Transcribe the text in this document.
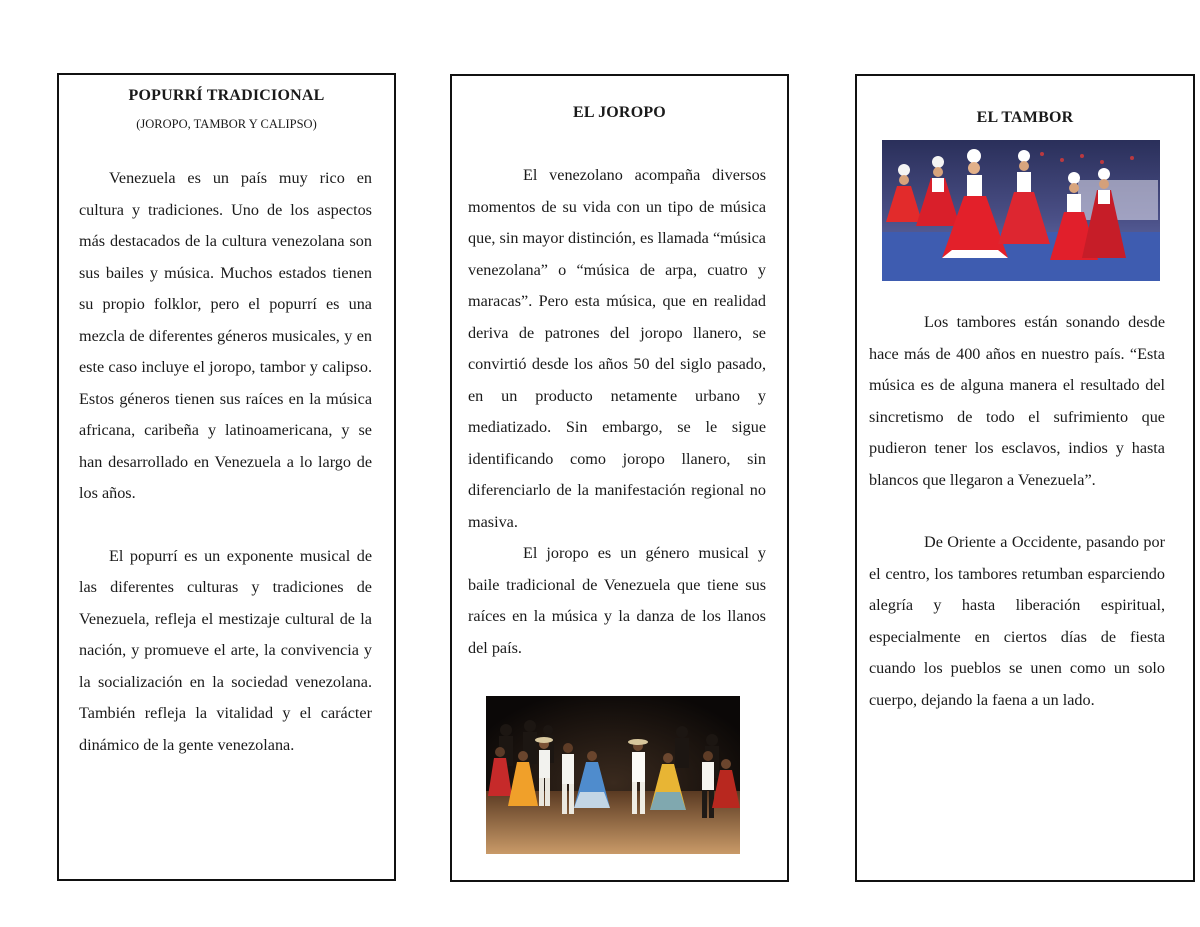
POPURRÍ TRADICIONAL
(JOROPO, TAMBOR Y CALIPSO)

Venezuela es un país muy rico en cultura y tradiciones. Uno de los aspectos más destacados de la cultura venezolana son sus bailes y música. Muchos estados tienen su propio folklor, pero el popurrí es una mezcla de diferentes géneros musicales, y en este caso incluye el joropo, tambor y calipso. Estos géneros tienen sus raíces en la música africana, caribeña y latinoamericana, y se han desarrollado en Venezuela a lo largo de los años.

El popurrí es un exponente musical de las diferentes culturas y tradiciones de Venezuela, refleja el mestizaje cultural de la nación, y promueve el arte, la convivencia y la socialización en la sociedad venezolana. También refleja la vitalidad y el carácter dinámico de la gente venezolana.

EL JOROPO

El venezolano acompaña diversos momentos de su vida con un tipo de música que, sin mayor distinción, es llamada “música venezolana” o “música de arpa, cuatro y maracas”. Pero esta música, que en realidad deriva de patrones del joropo llanero, se convirtió desde los años 50 del siglo pasado, en un producto netamente urbano y mediatizado. Sin embargo, se le sigue identificando como joropo llanero, sin diferenciarlo de la manifestación regional no masiva.

El joropo es un género musical y baile tradicional de Venezuela que tiene sus raíces en la música y la danza de los llanos del país.

EL TAMBOR

Los tambores están sonando desde hace más de 400 años en nuestro país. “Esta música es de alguna manera el resultado del sincretismo de todo el sufrimiento que pudieron tener los esclavos, indios y hasta blancos que llegaron a Venezuela”.

De Oriente a Occidente, pasando por el centro, los tambores retumban esparciendo alegría y hasta liberación espiritual, especialmente en ciertos días de fiesta cuando los pueblos se unen como un solo cuerpo, dejando la faena a un lado.
